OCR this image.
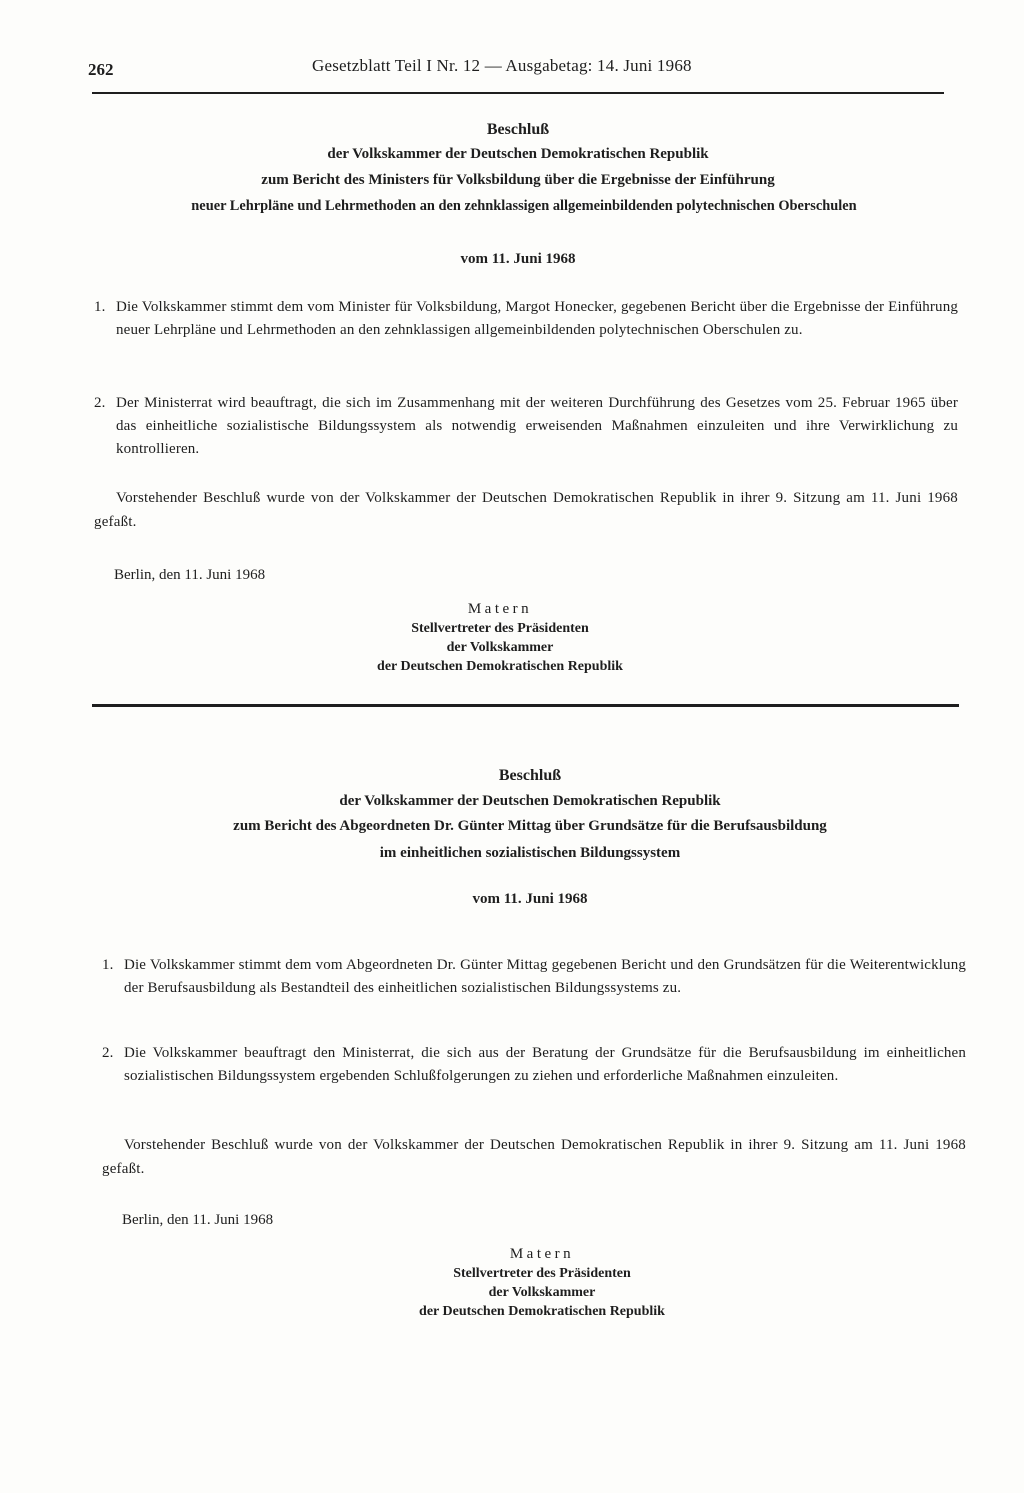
262	Gesetzblatt Teil I Nr. 12 — Ausgabetag: 14. Juni 1968
Beschluß
der Volkskammer der Deutschen Demokratischen Republik
zum Bericht des Ministers für Volksbildung über die Ergebnisse der Einführung
neuer Lehrpläne und Lehrmethoden an den zehnklassigen allgemeinbildenden polytechnischen Oberschulen
vom 11. Juni 1968
1. Die Volkskammer stimmt dem vom Minister für Volksbildung, Margot Honecker, gegebenen Bericht über die Ergebnisse der Einführung neuer Lehrpläne und Lehrmethoden an den zehnklassigen allgemeinbildenden polytechnischen Oberschulen zu.
2. Der Ministerrat wird beauftragt, die sich im Zusammenhang mit der weiteren Durchführung des Gesetzes vom 25. Februar 1965 über das einheitliche sozialistische Bildungssystem als notwendig erweisenden Maßnahmen einzuleiten und ihre Verwirklichung zu kontrollieren.
Vorstehender Beschluß wurde von der Volkskammer der Deutschen Demokratischen Republik in ihrer 9. Sitzung am 11. Juni 1968 gefaßt.
Berlin, den 11. Juni 1968
Matern
Stellvertreter des Präsidenten
der Volkskammer
der Deutschen Demokratischen Republik
Beschluß
der Volkskammer der Deutschen Demokratischen Republik
zum Bericht des Abgeordneten Dr. Günter Mittag über Grundsätze für die Berufsausbildung
im einheitlichen sozialistischen Bildungssystem
vom 11. Juni 1968
1. Die Volkskammer stimmt dem vom Abgeordneten Dr. Günter Mittag gegebenen Bericht und den Grundsätzen für die Weiterentwicklung der Berufsausbildung als Bestandteil des einheitlichen sozialistischen Bildungssystems zu.
2. Die Volkskammer beauftragt den Ministerrat, die sich aus der Beratung der Grundsätze für die Berufsausbildung im einheitlichen sozialistischen Bildungssystem ergebenden Schlußfolgerungen zu ziehen und erforderliche Maßnahmen einzuleiten.
Vorstehender Beschluß wurde von der Volkskammer der Deutschen Demokratischen Republik in ihrer 9. Sitzung am 11. Juni 1968 gefaßt.
Berlin, den 11. Juni 1968
Matern
Stellvertreter des Präsidenten
der Volkskammer
der Deutschen Demokratischen Republik
